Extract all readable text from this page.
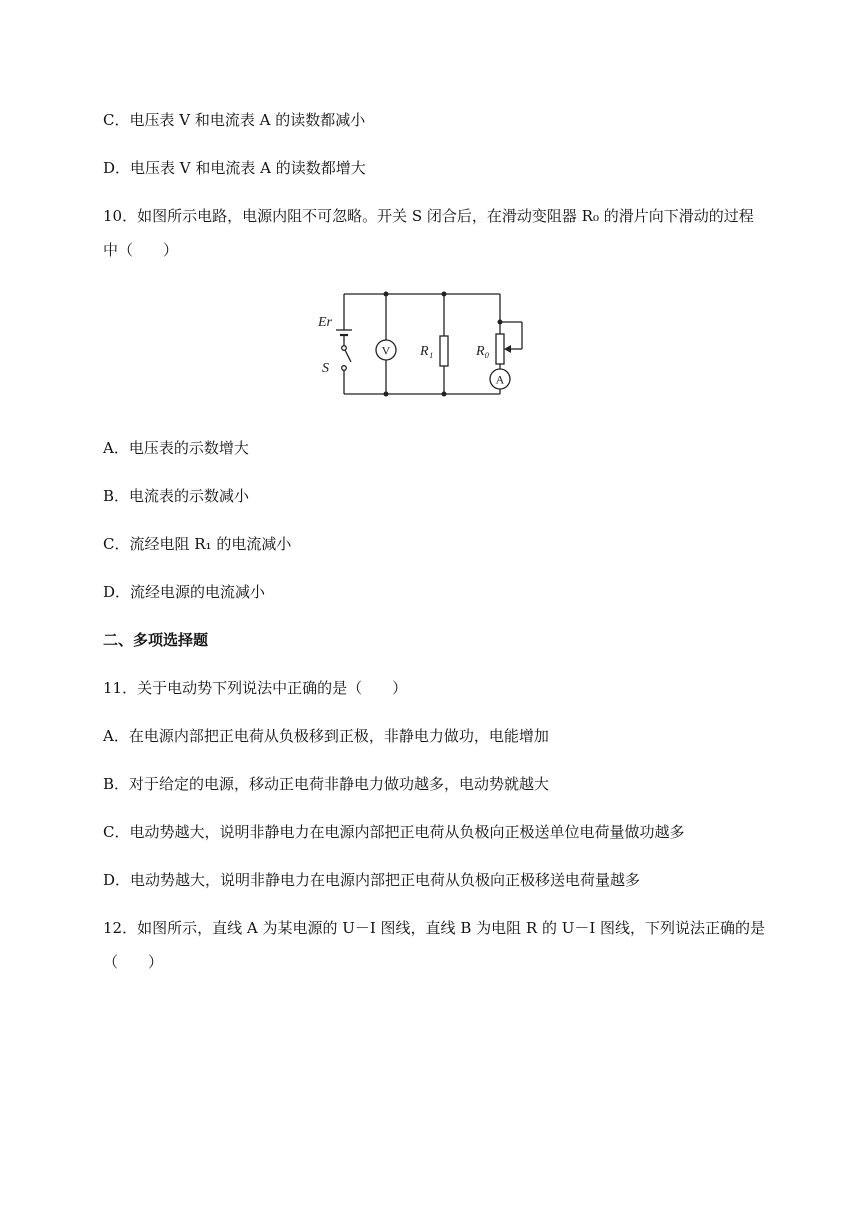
C．电压表 V 和电流表 A 的读数都减小
D．电压表 V 和电流表 A 的读数都增大
10．如图所示电路，电源内阻不可忽略。开关 S 闭合后，在滑动变阻器 R₀ 的滑片向下滑动的过程
中（　　）
Er
S
V R₁	R₀
A
A．电压表的示数增大
B．电流表的示数减小
C．流经电阻 R₁ 的电流减小
D．流经电源的电流减小
二、多项选择题
11．关于电动势下列说法中正确的是（　　）
A．在电源内部把正电荷从负极移到正极，非静电力做功，电能增加
B．对于给定的电源，移动正电荷非静电力做功越多，电动势就越大
C．电动势越大，说明非静电力在电源内部把正电荷从负极向正极送单位电荷量做功越多
D．电动势越大，说明非静电力在电源内部把正电荷从负极向正极移送电荷量越多
12．如图所示，直线 A 为某电源的 U－I 图线，直线 B 为电阻 R 的 U－I 图线，下列说法正确的是
（　　）
